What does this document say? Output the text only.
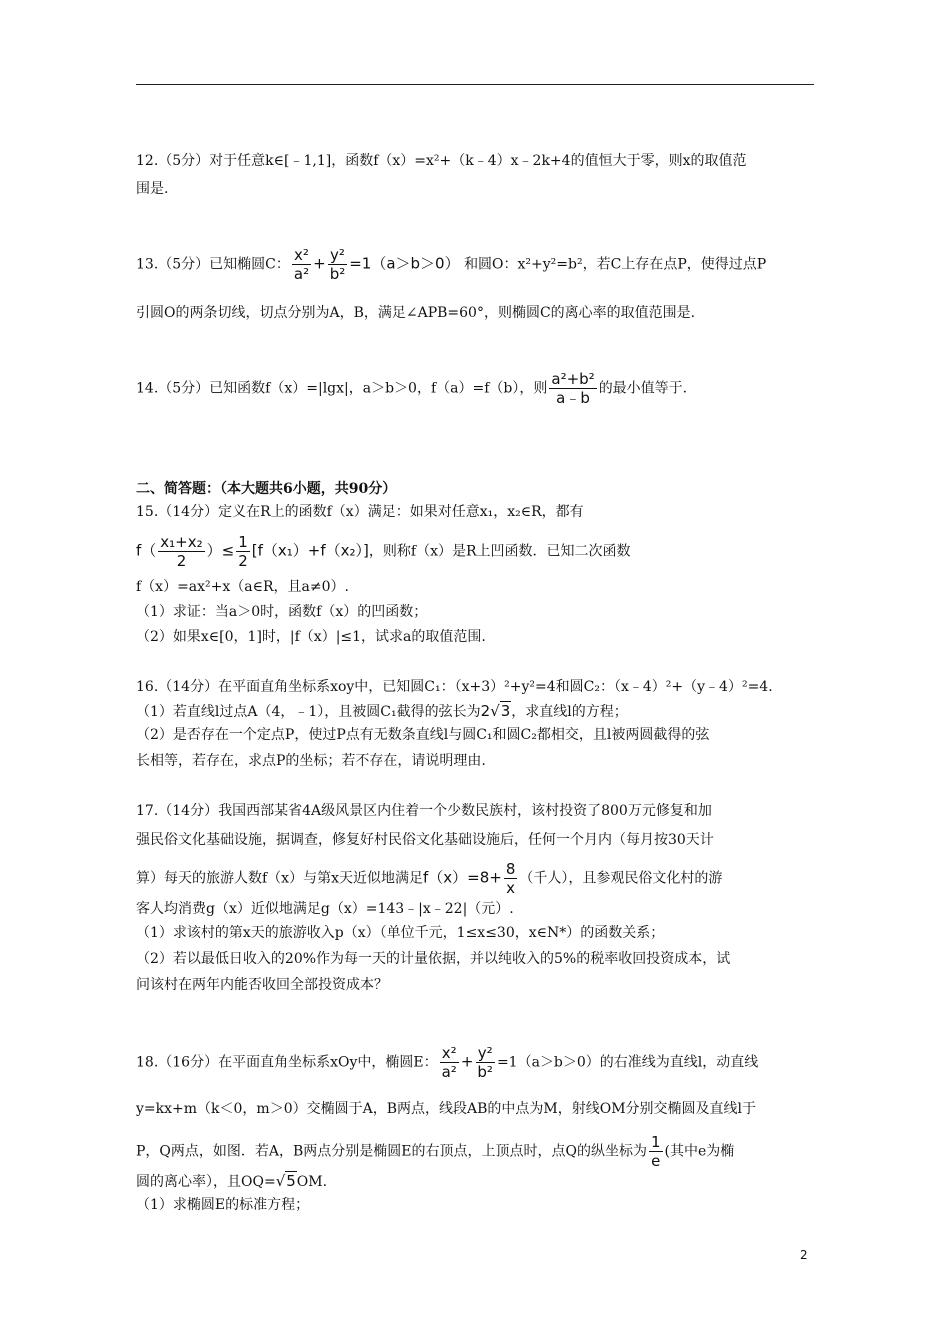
12.（5分）对于任意k∈[﹣1,1]，函数f（x）=x²+（k﹣4）x﹣2k+4的值恒大于零，则x的取值范
围是.
13.（5分）已知椭圆C： $\frac{\text{x²}}{\text{a²}} + \frac{\text{y²}}{\text{b²}} =1(a>b>0)$ 和圆O：x²+y²=b²，若C上存在点P，使得过点P
引圆O的两条切线，切点分别为A，B，满足∠APB=60°，则椭圆C的离心率的取值范围是.
14.（5分）已知函数f（x）=|lgx|，a＞b＞0，f（a）=f（b），则 $\frac{\text{a²+b²}}{a﹣b}$ 的最小值等于.
二、简答题：（本大题共6小题，共90分）
15.（14分）定义在R上的函数f（x）满足：如果对任意x₁，x₂∈R，都有
$f( \frac{\text{x₁+x₂}}{2}$ ）≤ $\frac{1}{2} [f(x_1)+f(x_2)]$，则称f（x）是R上凹函数．已知二次函数
f（x）=ax²+x（a∈R，且a≠0）.
（1）求证：当a＞0时，函数f（x）的凹函数；
（2）如果x∈[0，1]时，|f（x）|≤1，试求a的取值范围.
16.（14分）在平面直角坐标系xoy中，已知圆C₁：（x+3）²+y²=4和圆C₂：（x﹣4）²+（y﹣4）²=4.
（1）若直线l过点A（4，﹣1），且被圆C₁截得的弦长为2√3，求直线l的方程；
（2）是否存在一个定点P，使过P点有无数条直线l与圆C₁和圆C₂都相交，且l被两圆截得的弦
长相等，若存在，求点P的坐标；若不存在，请说明理由.
17.（14分）我国西部某省4A级风景区内住着一个少数民族村，该村投资了800万元修复和加
强民俗文化基础设施，据调查，修复好村民俗文化基础设施后，任何一个月内（每月按30天计
算）每天的旅游人数f（x）与第x天近似地满足$f(x)=8+ \frac{8}{x}$ （千人），且参观民俗文化村的游
客人均消费g（x）近似地满足g（x）=143﹣|x﹣22|（元）.
（1）求该村的第x天的旅游收入p（x）（单位千元，1≤x≤30，x∈N*）的函数关系；
（2）若以最低日收入的20%作为每一天的计量依据，并以纯收入的5%的税率收回投资成本，试
问该村在两年内能否收回全部投资成本？
18.（16分）在平面直角坐标系xOy中，椭圆E： $\frac{\text{x²}}{\text{a²}} + \frac{\text{y²}}{\text{b²}} =1(a>b>0)$的右准线为直线l，动直线
y=kx+m（k＜0，m＞0）交椭圆于A，B两点，线段AB的中点为M，射线OM分别交椭圆及直线l于
P，Q两点，如图．若A，B两点分别是椭圆E的右顶点，上顶点时，点Q的纵坐标为 $\frac{1}{e}$ (其中e为椭
圆的离心率），且OQ=√5OM.
（1）求椭圆E的标准方程；
2
